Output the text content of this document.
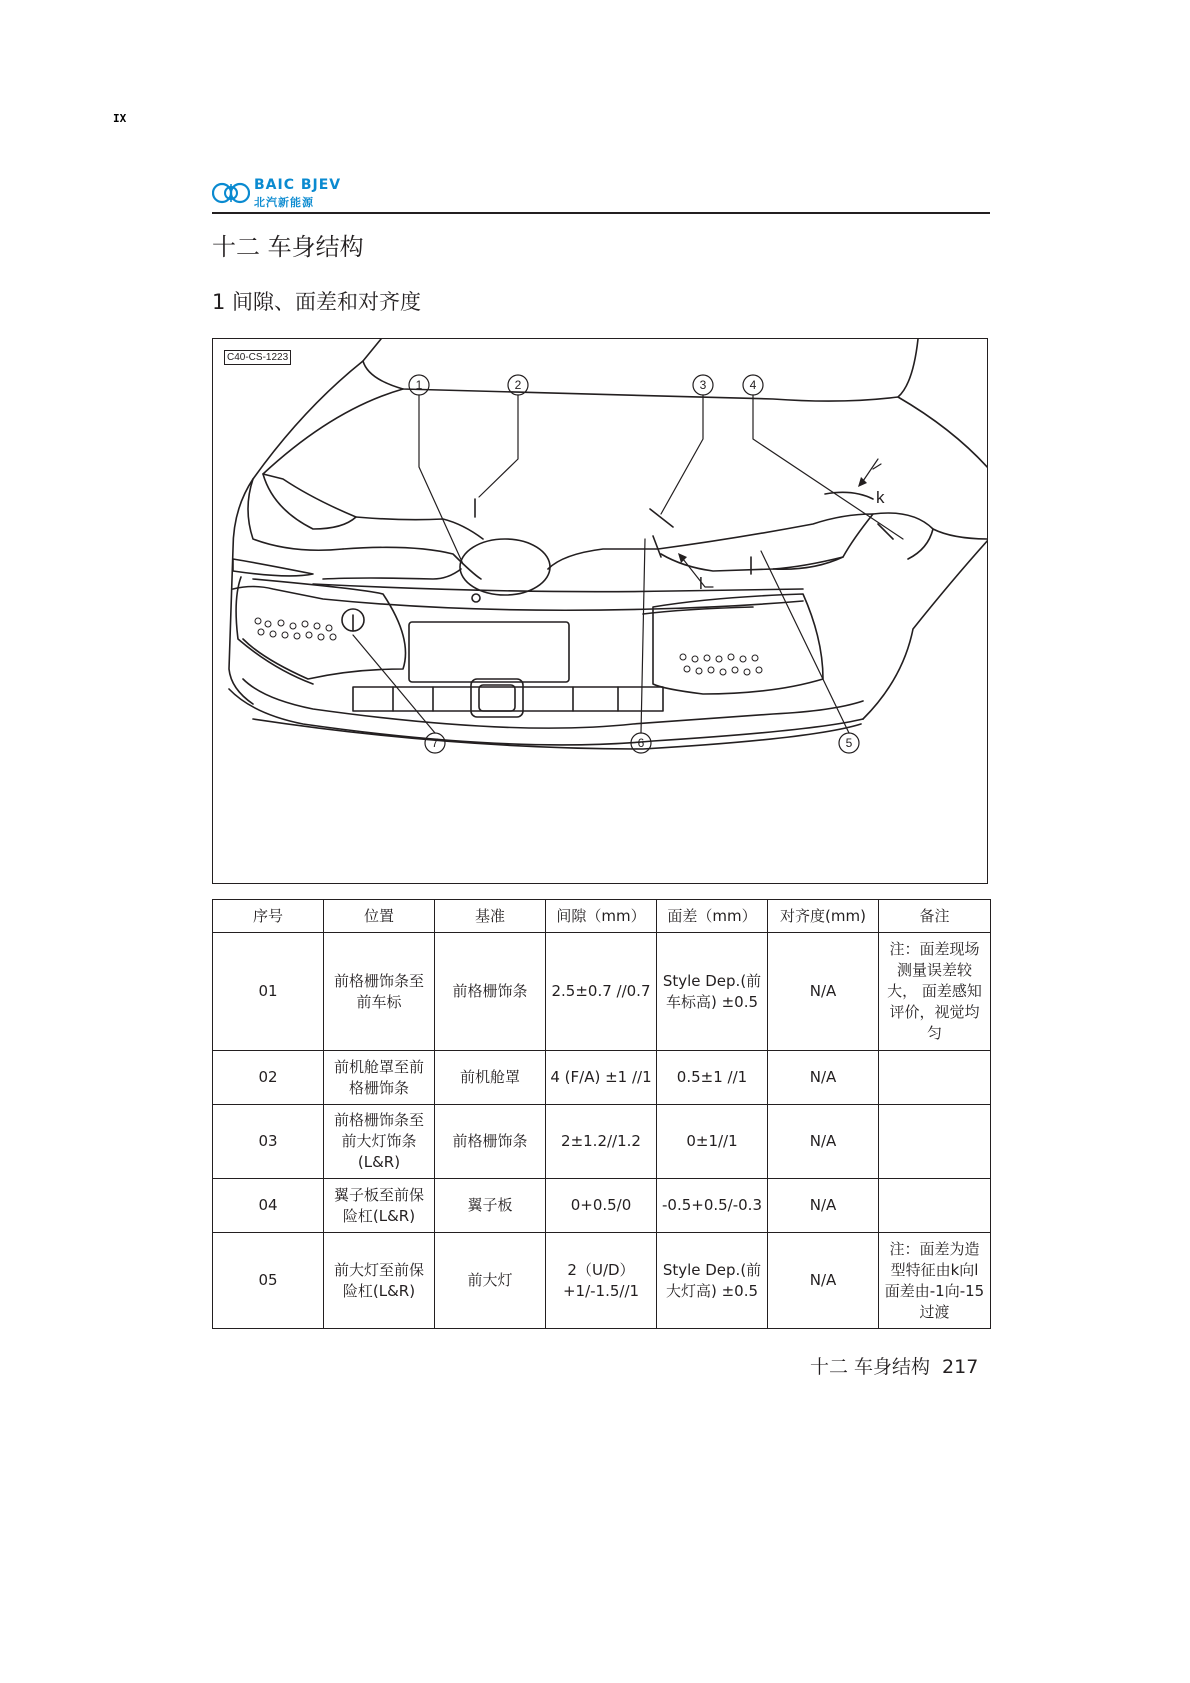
IX
BAIC BJEV
北汽新能源
十二 车身结构
1 间隙、面差和对齐度
1	2	3	4
5
6
7
k
l
C40-CS-1223
序号	位置	基准	间隙（mm）	面差（mm）	对齐度(mm)	备注
01	前格栅饰条至
前车标	前格栅饰条	2.5±0.7 //0.7	Style Dep.(前
车标高) ±0.5	N/A	注：面差现场
测量误差较
大， 面差感知
评价，视觉均
匀

02	前机舱罩至前
格栅饰条	前机舱罩	4 (F/A) ±1 //1	0.5±1 //1	N/A	
03	前格栅饰条至
前大灯饰条
(L&R)	前格栅饰条	2±1.2//1.2	0±1//1	N/A	
04	翼子板至前保
险杠(L&R)	翼子板	0+0.5/0	-0.5+0.5/-0.3	N/A	
05	前大灯至前保
险杠(L&R)	前大灯	2（U/D）
+1/-1.5//1	Style Dep.(前
大灯高) ±0.5	N/A	注：面差为造
型特征由k向l
面差由-1向-15
过渡
十二 车身结构 217
